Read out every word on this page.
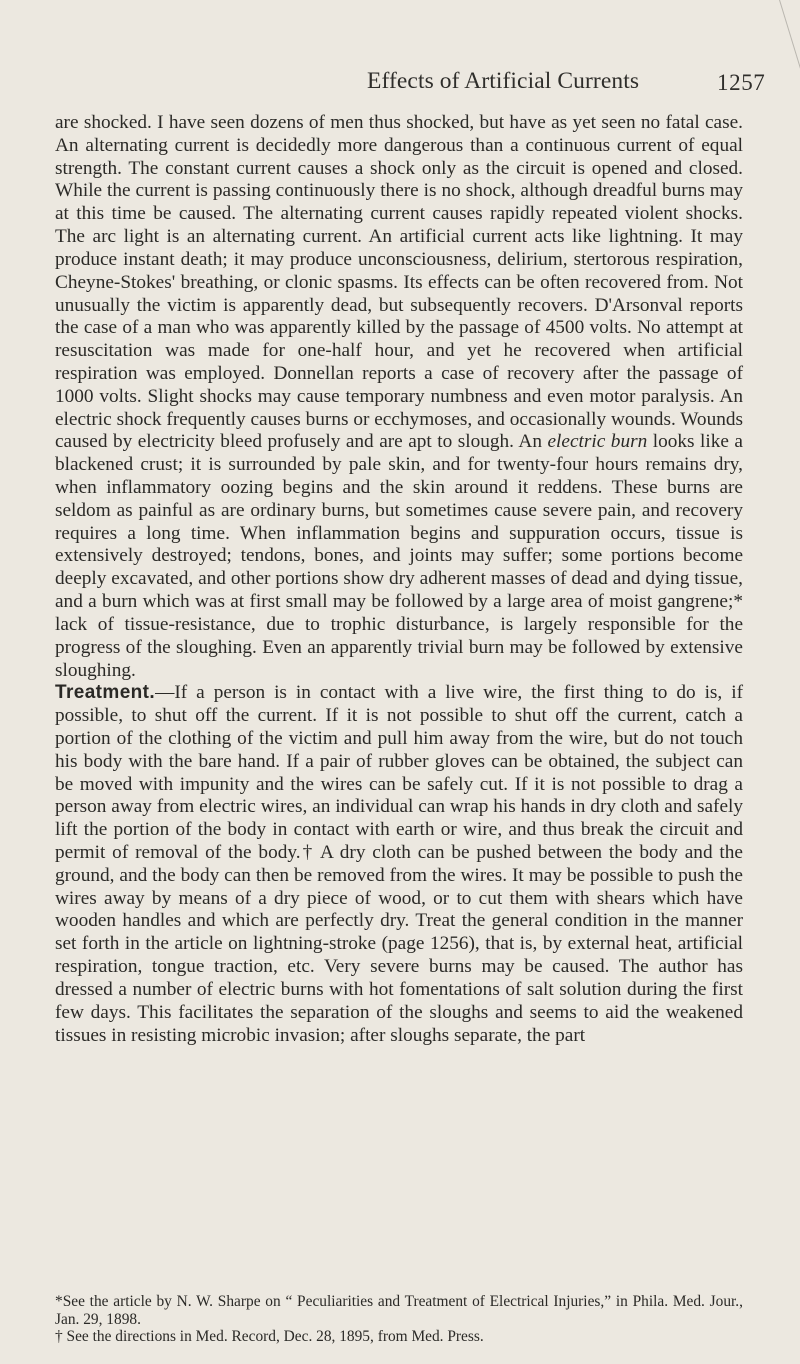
Effects of Artificial Currents	1257

are shocked. I have seen dozens of men thus shocked, but have as yet seen no fatal case. An alternating current is decidedly more dangerous than a continuous current of equal strength. The constant current causes a shock only as the circuit is opened and closed. While the current is passing continuously there is no shock, although dreadful burns may at this time be caused. The alternating current causes rapidly repeated violent shocks. The arc light is an alternating current. An artificial current acts like lightning. It may produce instant death; it may produce unconsciousness, delirium, stertorous respiration, Cheyne-Stokes' breathing, or clonic spasms. Its effects can be often recovered from. Not unusually the victim is apparently dead, but subsequently recovers. D'Arsonval reports the case of a man who was apparently killed by the passage of 4500 volts. No attempt at resuscitation was made for one-half hour, and yet he recovered when artificial respiration was employed. Donnellan reports a case of recovery after the passage of 1000 volts. Slight shocks may cause temporary numbness and even motor paralysis. An electric shock frequently causes burns or ecchymoses, and occasionally wounds. Wounds caused by electricity bleed profusely and are apt to slough. An electric burn looks like a blackened crust; it is surrounded by pale skin, and for twenty-four hours remains dry, when inflammatory oozing begins and the skin around it reddens. These burns are seldom as painful as are ordinary burns, but sometimes cause severe pain, and recovery requires a long time. When inflammation begins and suppuration occurs, tissue is extensively destroyed; tendons, bones, and joints may suffer; some portions become deeply excavated, and other portions show dry adherent masses of dead and dying tissue, and a burn which was at first small may be followed by a large area of moist gangrene;* lack of tissue-resistance, due to trophic disturbance, is largely responsible for the progress of the sloughing. Even an apparently trivial burn may be followed by extensive sloughing.

Treatment.—If a person is in contact with a live wire, the first thing to do is, if possible, to shut off the current. If it is not possible to shut off the current, catch a portion of the clothing of the victim and pull him away from the wire, but do not touch his body with the bare hand. If a pair of rubber gloves can be obtained, the subject can be moved with impunity and the wires can be safely cut. If it is not possible to drag a person away from electric wires, an individual can wrap his hands in dry cloth and safely lift the portion of the body in contact with earth or wire, and thus break the circuit and permit of removal of the body.† A dry cloth can be pushed between the body and the ground, and the body can then be removed from the wires. It may be possible to push the wires away by means of a dry piece of wood, or to cut them with shears which have wooden handles and which are perfectly dry. Treat the general condition in the manner set forth in the article on lightning-stroke (page 1256), that is, by external heat, artificial respiration, tongue traction, etc. Very severe burns may be caused. The author has dressed a number of electric burns with hot fomentations of salt solution during the first few days. This facilitates the separation of the sloughs and seems to aid the weakened tissues in resisting microbic invasion; after sloughs separate, the part

*See the article by N. W. Sharpe on “ Peculiarities and Treatment of Electrical Injuries,” in Phila. Med. Jour., Jan. 29, 1898.

† See the directions in Med. Record, Dec. 28, 1895, from Med. Press.
